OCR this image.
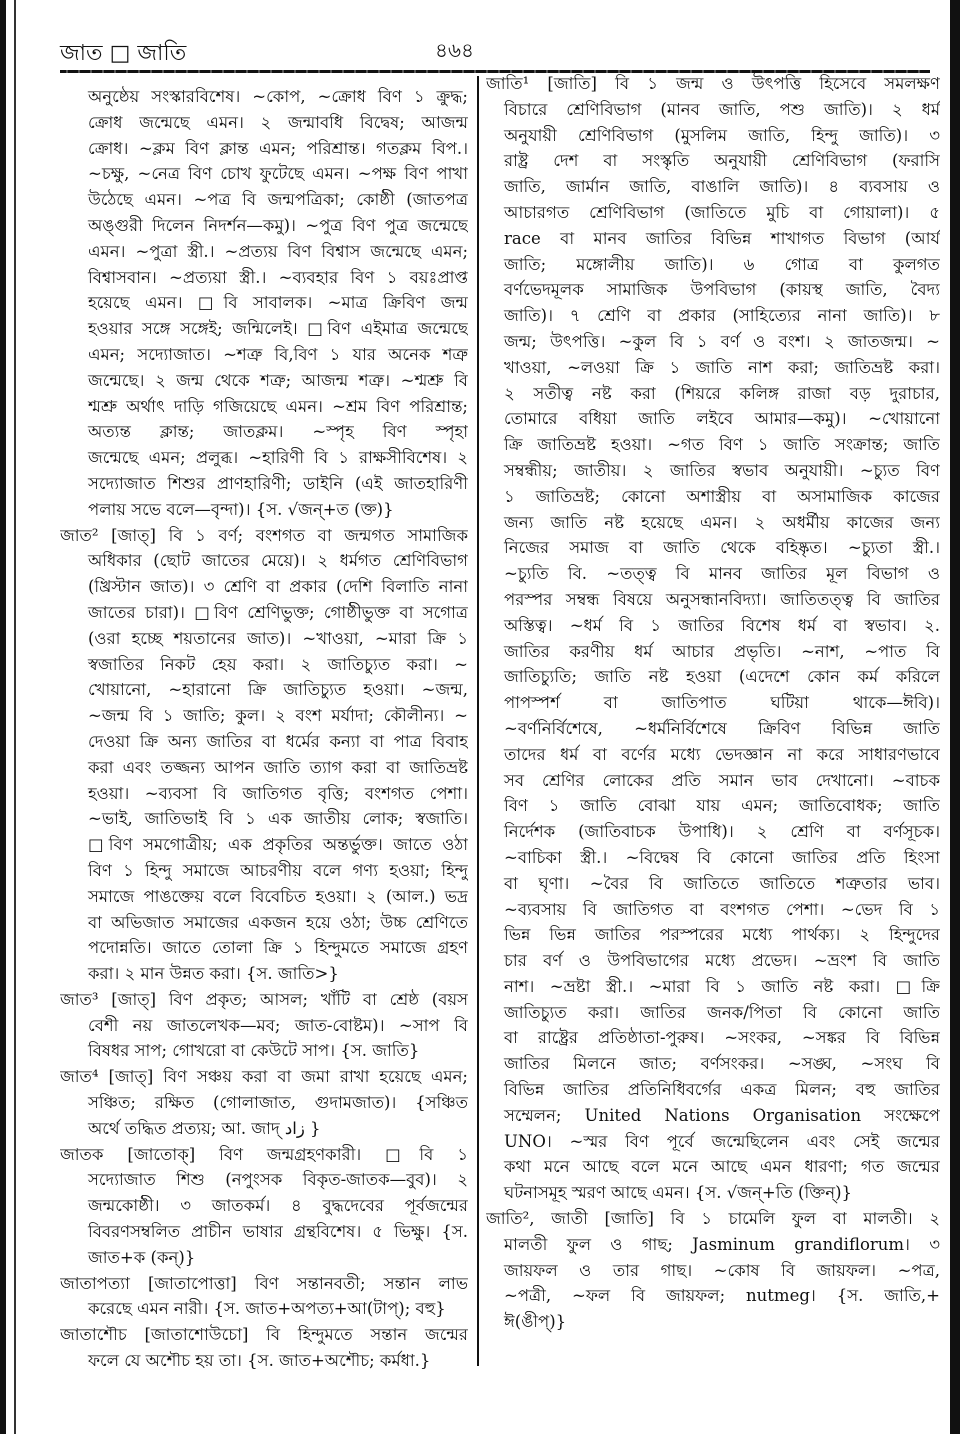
জাত □ জাতি	৪৬৪
অনুষ্ঠেয় সংস্কারবিশেষ। ~কোপ, ~ক্রোধ বিণ ১ ক্রুদ্ধ;
ক্রোধ জন্মেছে এমন। ২ জন্মাবধি বিদ্বেষ; আজন্ম
ক্রোধ। ~ক্লম বিণ ক্লান্ত এমন; পরিশ্রান্ত। গতক্লম বিপ.।
~চক্ষু, ~নেত্র বিণ চোখ ফুটেছে এমন। ~পক্ষ বিণ পাখা
উঠেছে এমন। ~পত্র বি জন্মপত্রিকা; কোষ্ঠী (জাতপত্র
অঙ্গুরী দিলেন নিদর্শন—কমু)। ~পুত্র বিণ পুত্র জন্মেছে
এমন। ~পুত্রা স্ত্রী.। ~প্রত্যয় বিণ বিশ্বাস জন্মেছে এমন;
বিশ্বাসবান। ~প্রত্যয়া স্ত্রী.। ~ব্যবহার বিণ ১ বয়ঃপ্রাপ্ত
হয়েছে এমন। □বি সাবালক। ~মাত্র ক্রিবিণ জন্ম
হওয়ার সঙ্গে সঙ্গেই; জন্মিলেই। □বিণ এইমাত্র জন্মেছে
এমন; সদ্যোজাত। ~শত্রু বি,বিণ ১ যার অনেক শত্রু
জন্মেছে। ২ জন্ম থেকে শত্রু; আজন্ম শত্রু। ~শ্মশ্রু বি
শ্মশ্রু অর্থাৎ দাড়ি গজিয়েছে এমন। ~শ্রম বিণ পরিশ্রান্ত;
অত্যন্ত ক্লান্ত; জাতক্লম। ~স্পৃহ বিণ স্পৃহা
জন্মেছে এমন; প্রলুব্ধ। ~হারিণী বি ১ রাক্ষসীবিশেষ। ২
সদ্যোজাত শিশুর প্রাণহারিণী; ডাইনি (এই জাতহারিণী
পলায় সভে বলে—বৃন্দা)। {স. √জন্+ত (ক্ত)}
জাত² [জাত্] বি ১ বর্ণ; বংশগত বা জন্মগত সামাজিক
অধিকার (ছোট জাতের মেয়ে)। ২ ধর্মগত শ্রেণিবিভাগ
(খ্রিস্টান জাত)। ৩ শ্রেণি বা প্রকার (দেশি বিলাতি নানা
জাতের চারা)। □বিণ শ্রেণিভুক্ত; গোষ্ঠীভুক্ত বা সগোত্র
(ওরা হচ্ছে শয়তানের জাত)। ~খাওয়া, ~মারা ক্রি ১
স্বজাতির নিকট হেয় করা। ২ জাতিচ্যুত করা। ~
খোয়ানো, ~হারানো ক্রি জাতিচ্যুত হওয়া। ~জন্ম,
~জন্ম বি ১ জাতি; কুল। ২ বংশ মর্যাদা; কৌলীন্য। ~
দেওয়া ক্রি অন্য জাতির বা ধর্মের কন্যা বা পাত্র বিবাহ
করা এবং তজ্জন্য আপন জাতি ত্যাগ করা বা জাতিভ্রষ্ট
হওয়া। ~ব্যবসা বি জাতিগত বৃত্তি; বংশগত পেশা।
~ভাই, জাতিভাই বি ১ এক জাতীয় লোক; স্বজাতি।
□বিণ সমগোত্রীয়; এক প্রকৃতির অন্তর্ভুক্ত। জাতে ওঠা
বিণ ১ হিন্দু সমাজে আচরণীয় বলে গণ্য হওয়া; হিন্দু
সমাজে পাঙক্তেয় বলে বিবেচিত হওয়া। ২ (আল.) ভদ্র
বা অভিজাত সমাজের একজন হয়ে ওঠা; উচ্চ শ্রেণিতে
পদোন্নতি। জাতে তোলা ক্রি ১ হিন্দুমতে সমাজে গ্রহণ
করা। ২ মান উন্নত করা। {স. জাতি>}
জাত³ [জাত্] বিণ প্রকৃত; আসল; খাঁটি বা শ্রেষ্ঠ (বয়স
বেশী নয় জাতলেখক—মব; জাত-বোষ্টম)। ~সাপ বি
বিষধর সাপ; গোখরো বা কেউটে সাপ। {স. জাতি}
জাত⁴ [জাত্] বিণ সঞ্চয় করা বা জমা রাখা হয়েছে এমন;
সঞ্চিত; রক্ষিত (গোলাজাত, গুদামজাত)। {সঞ্চিত
অর্থে তদ্ধিত প্রত্যয়; আ. জাদ্ زاد }
জাতক [জাতোক্] বিণ জন্মগ্রহণকারী। □বি ১
সদ্যোজাত শিশু (নপুংসক বিকৃত-জাতক—বুব)। ২
জন্মকোষ্ঠী। ৩ জাতকর্ম। ৪ বুদ্ধদেবের পূর্বজন্মের
বিবরণসম্বলিত প্রাচীন ভাষার গ্রন্থবিশেষ। ৫ ভিক্ষু। {স.
জাত+ক (কন্)}
জাতাপত্যা [জাতাপোত্তা] বিণ সন্তানবতী; সন্তান লাভ
করেছে এমন নারী। {স. জাত+অপত্য+আ(টাপ্); বহু}
জাতাশৌচ [জাতাশোউচো] বি হিন্দুমতে সন্তান জন্মের
ফলে যে অশৌচ হয় তা। {স. জাত+অশৌচ; কর্মধা.}
জাতি¹ [জাতি] বি ১ জন্ম ও উৎপত্তি হিসেবে সমলক্ষণ
বিচারে শ্রেণিবিভাগ (মানব জাতি, পশু জাতি)। ২ ধর্ম
অনুযায়ী শ্রেণিবিভাগ (মুসলিম জাতি, হিন্দু জাতি)। ৩
রাষ্ট্র দেশ বা সংস্কৃতি অনুযায়ী শ্রেণিবিভাগ (ফরাসি
জাতি, জার্মান জাতি, বাঙালি জাতি)। ৪ ব্যবসায় ও
আচারগত শ্রেণিবিভাগ (জাতিতে মুচি বা গোয়ালা)। ৫
race বা মানব জাতির বিভিন্ন শাখাগত বিভাগ (আর্য
জাতি; মঙ্গোলীয় জাতি)। ৬ গোত্র বা কুলগত
বর্ণভেদমূলক সামাজিক উপবিভাগ (কায়স্থ জাতি, বৈদ্য
জাতি)। ৭ শ্রেণি বা প্রকার (সাহিত্যের নানা জাতি)। ৮
জন্ম; উৎপত্তি। ~কুল বি ১ বর্ণ ও বংশ। ২ জাতজন্ম। ~
খাওয়া, ~লওয়া ক্রি ১ জাতি নাশ করা; জাতিভ্রষ্ট করা।
২ সতীত্ব নষ্ট করা (শিয়রে কলিঙ্গ রাজা বড় দুরাচার,
তোমারে বধিয়া জাতি লইবে আমার—কমু)। ~খোয়ানো
ক্রি জাতিভ্রষ্ট হওয়া। ~গত বিণ ১ জাতি সংক্রান্ত; জাতি
সম্বন্ধীয়; জাতীয়। ২ জাতির স্বভাব অনুযায়ী। ~চ্যুত বিণ
১ জাতিভ্রষ্ট; কোনো অশাস্ত্রীয় বা অসামাজিক কাজের
জন্য জাতি নষ্ট হয়েছে এমন। ২ অধর্মীয় কাজের জন্য
নিজের সমাজ বা জাতি থেকে বহিষ্কৃত। ~চ্যুতা স্ত্রী.।
~চ্যুতি বি. ~তত্ত্ব বি মানব জাতির মূল বিভাগ ও
পরস্পর সম্বন্ধ বিষয়ে অনুসন্ধানবিদ্যা। জাতিতত্ত্ব বি জাতির
অস্তিত্ব। ~ধর্ম বি ১ জাতির বিশেষ ধর্ম বা স্বভাব। ২.
জাতির করণীয় ধর্ম আচার প্রভৃতি। ~নাশ, ~পাত বি
জাতিচ্যুতি; জাতি নষ্ট হওয়া (এদেশে কোন কর্ম করিলে
পাপস্পর্শ বা জাতিপাত ঘটিয়া থাকে—ঈবি)।
~বর্ণনির্বিশেষে, ~ধর্মনির্বিশেষে ক্রিবিণ বিভিন্ন জাতি
তাদের ধর্ম বা বর্ণের মধ্যে ভেদজ্ঞান না করে সাধারণভাবে
সব শ্রেণির লোকের প্রতি সমান ভাব দেখানো। ~বাচক
বিণ ১ জাতি বোঝা যায় এমন; জাতিবোধক; জাতি
নির্দেশক (জাতিবাচক উপাধি)। ২ শ্রেণি বা বর্ণসূচক।
~বাচিকা স্ত্রী.। ~বিদ্বেষ বি কোনো জাতির প্রতি হিংসা
বা ঘৃণা। ~বৈর বি জাতিতে জাতিতে শত্রুতার ভাব।
~ব্যবসায় বি জাতিগত বা বংশগত পেশা। ~ভেদ বি ১
ভিন্ন ভিন্ন জাতির পরস্পরের মধ্যে পার্থক্য। ২ হিন্দুদের
চার বর্ণ ও উপবিভাগের মধ্যে প্রভেদ। ~ভ্রংশ বি জাতি
নাশ। ~ভ্রষ্টা স্ত্রী.। ~মারা বি ১ জাতি নষ্ট করা। □ক্রি
জাতিচ্যুত করা। জাতির জনক/পিতা বি কোনো জাতি
বা রাষ্ট্রের প্রতিষ্ঠাতা-পুরুষ। ~সংকর, ~সঙ্কর বি বিভিন্ন
জাতির মিলনে জাত; বর্ণসংকর। ~সঙ্ঘ, ~সংঘ বি
বিভিন্ন জাতির প্রতিনিধিবর্গের একত্র মিলন; বহু জাতির
সম্মেলন; United Nations Organisation সংক্ষেপে
UNO। ~স্মর বিণ পূর্বে জন্মেছিলেন এবং সেই জন্মের
কথা মনে আছে বলে মনে আছে এমন ধারণা; গত জন্মের
ঘটনাসমূহ স্মরণ আছে এমন। {স. √জন্+তি (ক্তিন্)}
জাতি², জাতী [জাতি] বি ১ চামেলি ফুল বা মালতী। ২
মালতী ফুল ও গাছ; Jasminum grandiflorum। ৩
জায়ফল ও তার গাছ। ~কোষ বি জায়ফল। ~পত্র,
~পত্রী, ~ফল বি জায়ফল; nutmeg। {স. জাতি,+
ঈ(ঙীপ্)}
